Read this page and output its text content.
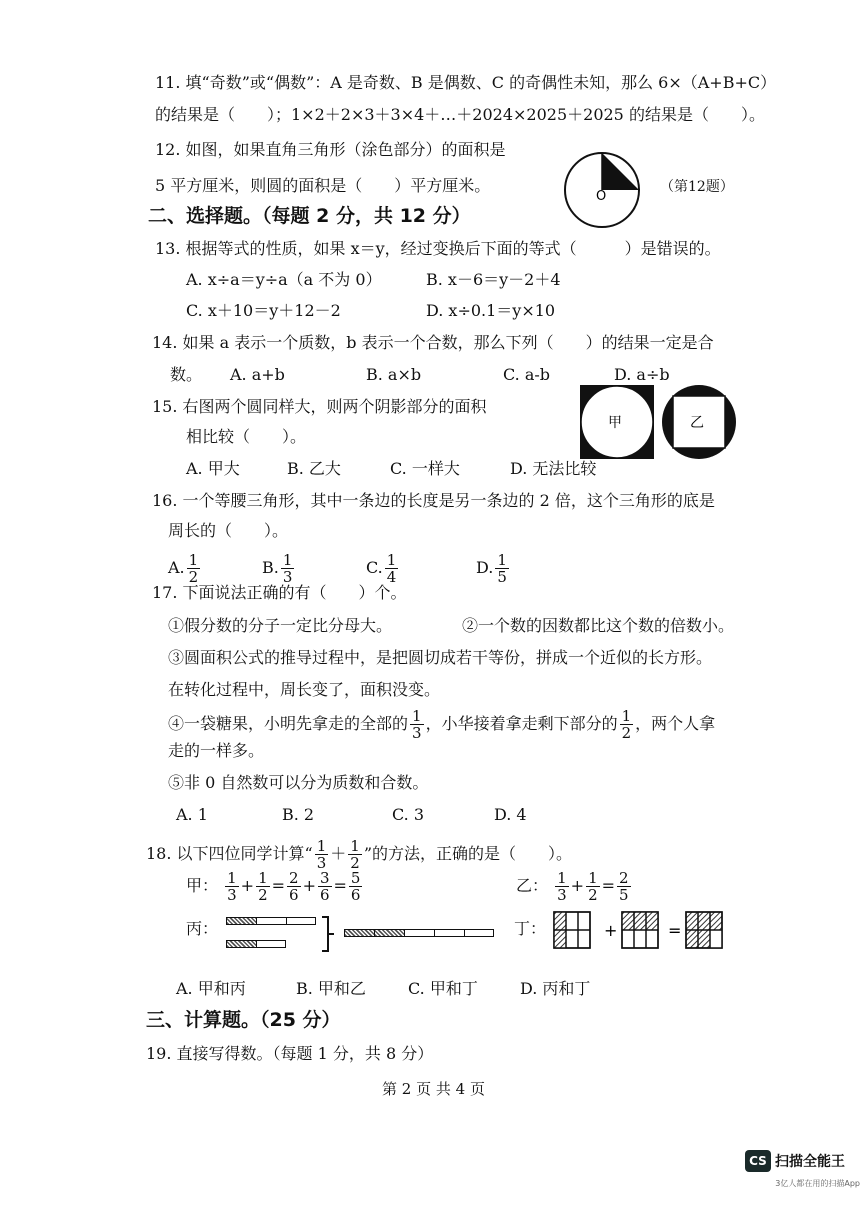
11. 填“奇数”或“偶数”：A 是奇数、B 是偶数、C 的奇偶性未知，那么 6×（A+B+C）
的结果是（　　）；1×2＋2×3＋3×4＋…＋2024×2025＋2025 的结果是（　　）。
12. 如图，如果直角三角形（涂色部分）的面积是
5 平方厘米，则圆的面积是（　　）平方厘米。
O
（第12题）
二、选择题。（每题 2 分，共 12 分）
13. 根据等式的性质，如果 x＝y，经过变换后下面的等式（　　　）是错误的。
A. x÷a＝y÷a（a 不为 0）	B. x－6＝y－2＋4
C. x＋10＝y＋12－2	D. x÷0.1＝y×10
14. 如果 a 表示一个质数，b 表示一个合数，那么下列（　　）的结果一定是合
数。 A. a+b	B. a×b	C. a-b	D. a÷b
15. 右图两个圆同样大，则两个阴影部分的面积
相比较（　　）。
甲	乙
A. 甲大	B. 乙大	C. 一样大	D. 无法比较
16. 一个等腰三角形，其中一条边的长度是另一条边的 2 倍，这个三角形的底是
周长的（　　）。
A. $\frac{1}{2}$	B. $\frac{1}{3}$	C. $\frac{1}{4}$	D. $\frac{1}{5}$
17. 下面说法正确的有（　　）个。
①假分数的分子一定比分母大。	②一个数的因数都比这个数的倍数小。
③圆面积公式的推导过程中，是把圆切成若干等份，拼成一个近似的长方形。
在转化过程中，周长变了，面积没变。
④一袋糖果，小明先拿走的全部的 $\frac{1}{3}$ ，小华接着拿走剩下部分的 $\frac{1}{2}$ ，两个人拿
走的一样多。
⑤非 0 自然数可以分为质数和合数。
A. 1	B. 2	C. 3	D. 4
18. 以下四位同学计算“ $\frac{1}{3} + \frac{1}{2}$ ”的方法，正确的是（　　）。
甲： $\frac{1}{3} + \frac{1}{2} = \frac{2}{6} + \frac{3}{6} = \frac{5}{6}$	乙： $\frac{1}{3} + \frac{1}{2} = \frac{2}{5}$
丙：	丁：	+	=
A. 甲和丙	B. 甲和乙	C. 甲和丁	D. 丙和丁
三、计算题。（25 分）
19. 直接写得数。（每题 1 分，共 8 分）
第 2 页 共 4 页
CS 扫描全能王
3亿人都在用的扫描App
